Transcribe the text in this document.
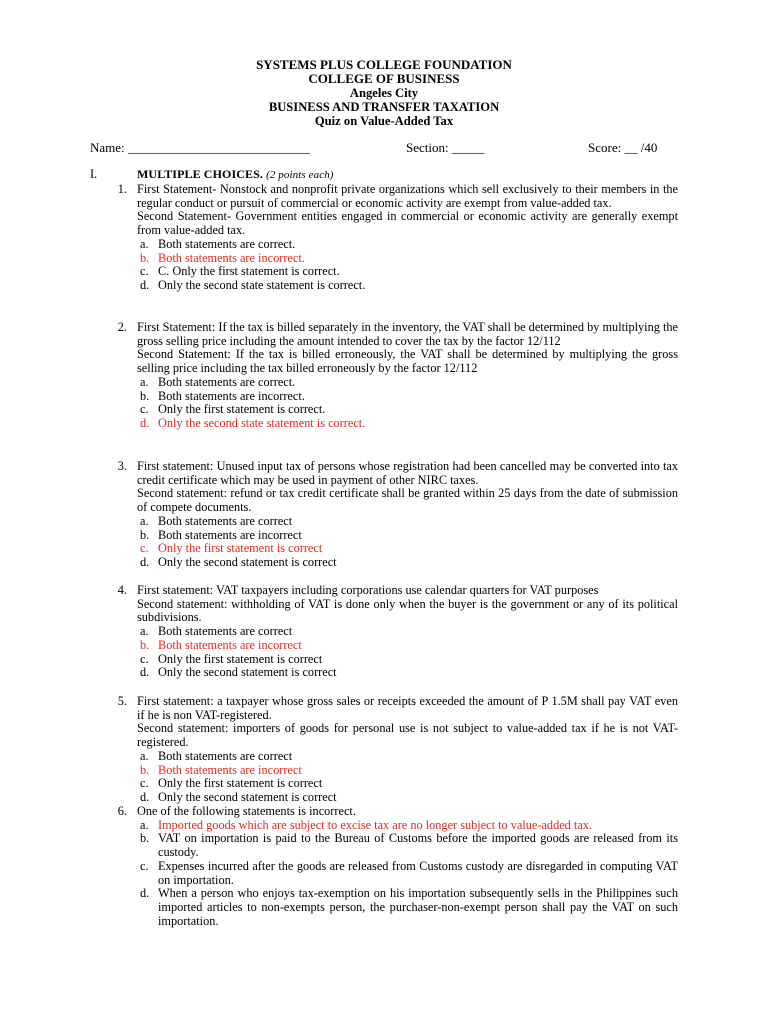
SYSTEMS PLUS COLLEGE FOUNDATION
COLLEGE OF BUSINESS
Angeles City
BUSINESS AND TRANSFER TAXATION
Quiz on Value-Added Tax
Name: ____________________________	Section: _____	Score: __ /40
I.	MULTIPLE CHOICES. (2 points each)
1. First Statement- Nonstock and nonprofit private organizations which sell exclusively to their members in the regular conduct or pursuit of commercial or economic activity are exempt from value-added tax.
Second Statement- Government entities engaged in commercial or economic activity are generally exempt from value-added tax.
a. Both statements are correct.
b. Both statements are incorrect.
c. C. Only the first statement is correct.
d. Only the second state statement is correct.
2. First Statement: If the tax is billed separately in the inventory, the VAT shall be determined by multiplying the gross selling price including the amount intended to cover the tax by the factor 12/112
Second Statement: If the tax is billed erroneously, the VAT shall be determined by multiplying the gross selling price including the tax billed erroneously by the factor 12/112
a. Both statements are correct.
b. Both statements are incorrect.
c. Only the first statement is correct.
d. Only the second state statement is correct.
3. First statement: Unused input tax of persons whose registration had been cancelled may be converted into tax credit certificate which may be used in payment of other NIRC taxes.
Second statement: refund or tax credit certificate shall be granted within 25 days from the date of submission of compete documents.
a. Both statements are correct
b. Both statements are incorrect
c. Only the first statement is correct
d. Only the second statement is correct
4. First statement: VAT taxpayers including corporations use calendar quarters for VAT purposes
Second statement: withholding of VAT is done only when the buyer is the government or any of its political subdivisions.
a. Both statements are correct
b. Both statements are incorrect
c. Only the first statement is correct
d. Only the second statement is correct
5. First statement: a taxpayer whose gross sales or receipts exceeded the amount of P 1.5M shall pay VAT even if he is non VAT-registered.
Second statement: importers of goods for personal use is not subject to value-added tax if he is not VAT-registered.
a. Both statements are correct
b. Both statements are incorrect
c. Only the first statement is correct
d. Only the second statement is correct
6. One of the following statements is incorrect.
a. Imported goods which are subject to excise tax are no longer subject to value-added tax.
b. VAT on importation is paid to the Bureau of Customs before the imported goods are released from its custody.
c. Expenses incurred after the goods are released from Customs custody are disregarded in computing VAT on importation.
d. When a person who enjoys tax-exemption on his importation subsequently sells in the Philippines such imported articles to non-exempts person, the purchaser-non-exempt person shall pay the VAT on such importation.
